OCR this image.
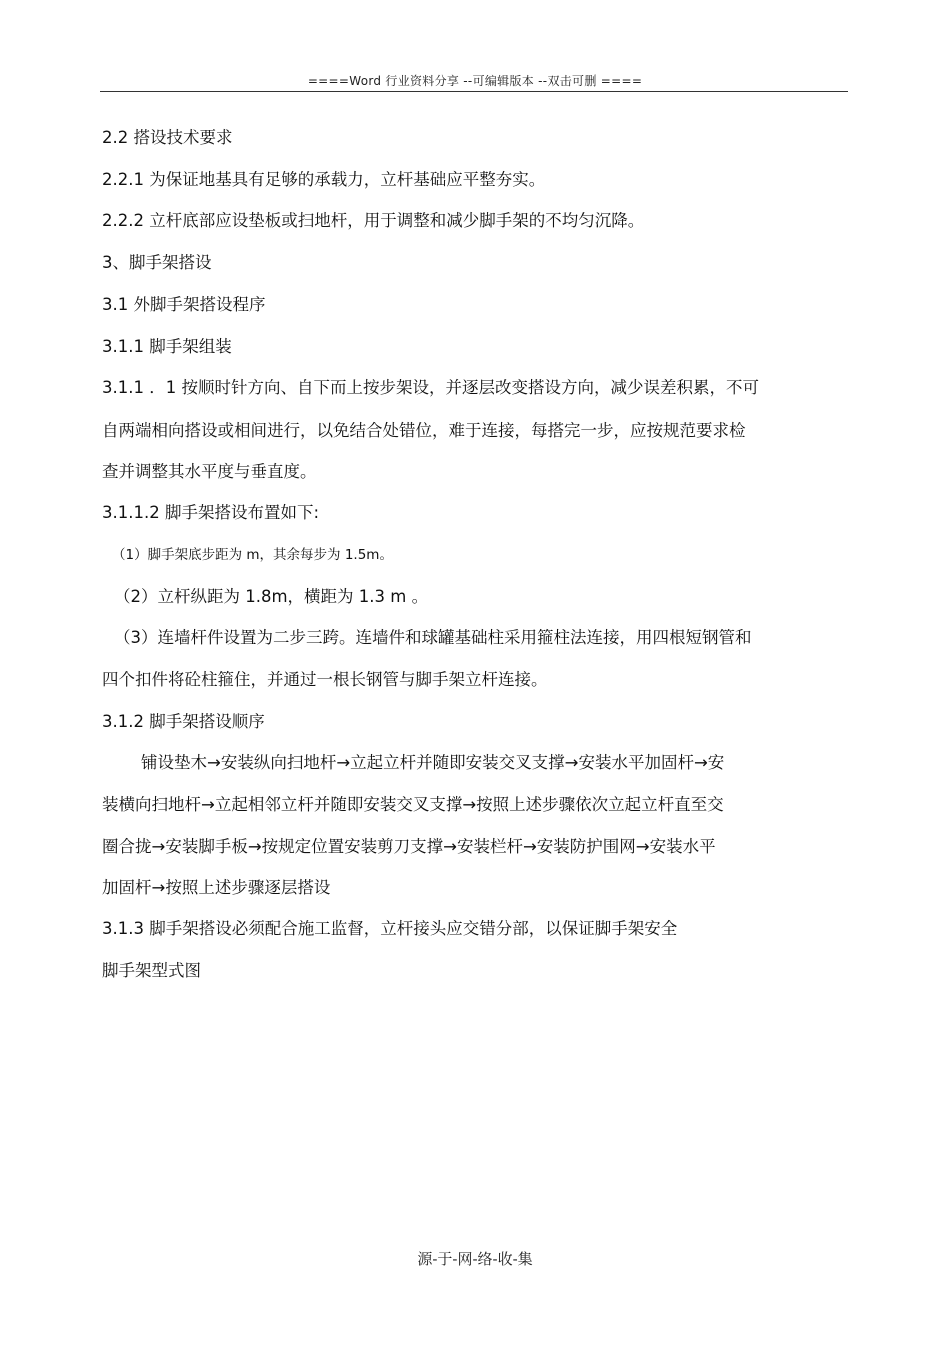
====Word 行业资料分享 --可编辑版本 --双击可删 ====
2.2 搭设技术要求
2.2.1 为保证地基具有足够的承载力，立杆基础应平整夯实。
2.2.2 立杆底部应设垫板或扫地杆，用于调整和减少脚手架的不均匀沉降。
3、脚手架搭设
3.1 外脚手架搭设程序
3.1.1 脚手架组装
3.1.1 ．1 按顺时针方向、自下而上按步架设，并逐层改变搭设方向，减少误差积累，不可
自两端相向搭设或相间进行，以免结合处错位，难于连接，每搭完一步，应按规范要求检
查并调整其水平度与垂直度。
3.1.1.2 脚手架搭设布置如下:
（1）脚手架底步距为 m，其余每步为 1.5m。
（2）立杆纵距为 1.8m，横距为 1.3 m 。
（3）连墙杆件设置为二步三跨。连墙件和球罐基础柱采用箍柱法连接，用四根短钢管和
四个扣件将砼柱箍住，并通过一根长钢管与脚手架立杆连接。
3.1.2 脚手架搭设顺序
铺设垫木→安装纵向扫地杆→立起立杆并随即安装交叉支撑→安装水平加固杆→安
装横向扫地杆→立起相邻立杆并随即安装交叉支撑→按照上述步骤依次立起立杆直至交
圈合拢→安装脚手板→按规定位置安装剪刀支撑→安装栏杆→安装防护围网→安装水平
加固杆→按照上述步骤逐层搭设
3.1.3 脚手架搭设必须配合施工监督，立杆接头应交错分部，以保证脚手架安全
脚手架型式图
源-于-网-络-收-集
